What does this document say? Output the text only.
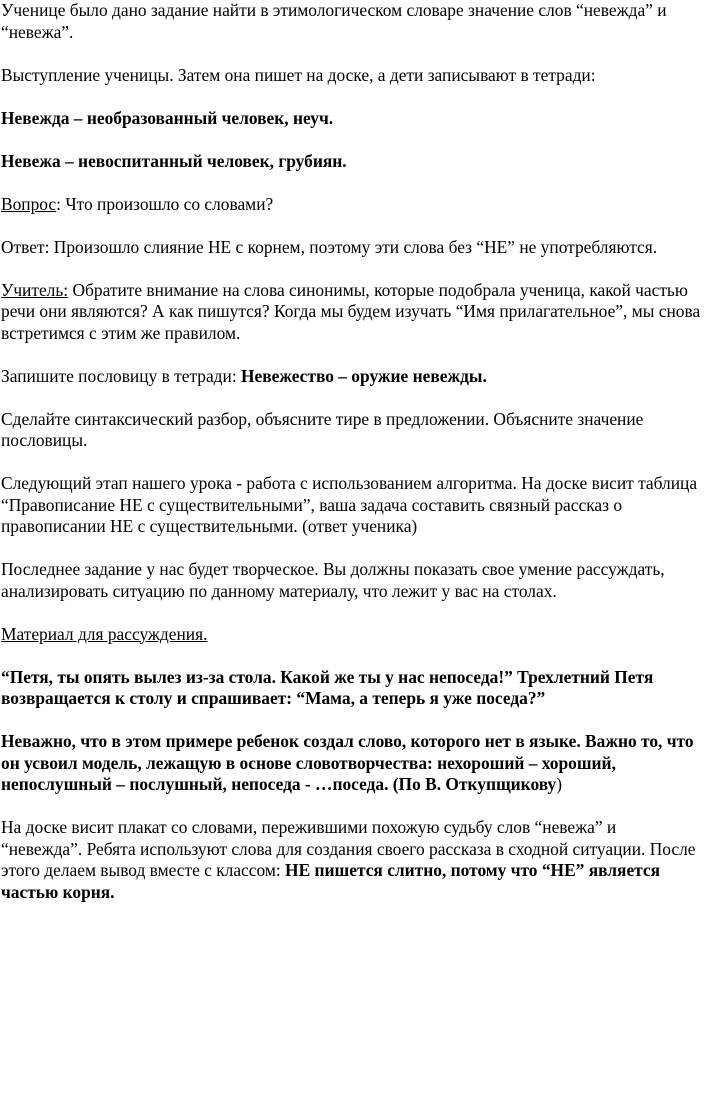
Ученице было дано задание найти в этимологическом словаре значение слов “невежда” и “невежа”.

Выступление ученицы. Затем она пишет на доске, а дети записывают в тетради:

Невежда – необразованный человек, неуч.

Невежа – невоспитанный человек, грубиян.

Вопрос: Что произошло со словами?

Ответ: Произошло слияние НЕ с корнем, поэтому эти слова без “НЕ” не употребляются.

Учитель: Обратите внимание на слова синонимы, которые подобрала ученица, какой частью речи они являются? А как пишутся? Когда мы будем изучать “Имя прилагательное”, мы снова встретимся с этим же правилом.

Запишите пословицу в тетради: Невежество – оружие невежды.

Сделайте синтаксический разбор, объясните тире в предложении. Объясните значение пословицы.

Следующий этап нашего урока - работа с использованием алгоритма. На доске висит таблица “Правописание НЕ с существительными”, ваша задача составить связный рассказ о правописании НЕ с существительными. (ответ ученика)

Последнее задание у нас будет творческое. Вы должны показать свое умение рассуждать, анализировать ситуацию по данному материалу, что лежит у вас на столах.

Материал для рассуждения.

“Петя, ты опять вылез из-за стола. Какой же ты у нас непоседа!” Трехлетний Петя возвращается к столу и спрашивает: “Мама, а теперь я уже поседа?”

Неважно, что в этом примере ребенок создал слово, которого нет в языке. Важно то, что он усвоил модель, лежащую в основе словотворчества: нехороший – хороший, непослушный – послушный, непоседа - …поседа. (По В. Откупщикову)

На доске висит плакат со словами, пережившими похожую судьбу слов “невежа” и “невежда”. Ребята используют слова для создания своего рассказа в сходной ситуации. После этого делаем вывод вместе с классом: НЕ пишется слитно, потому что “НЕ” является частью корня.
